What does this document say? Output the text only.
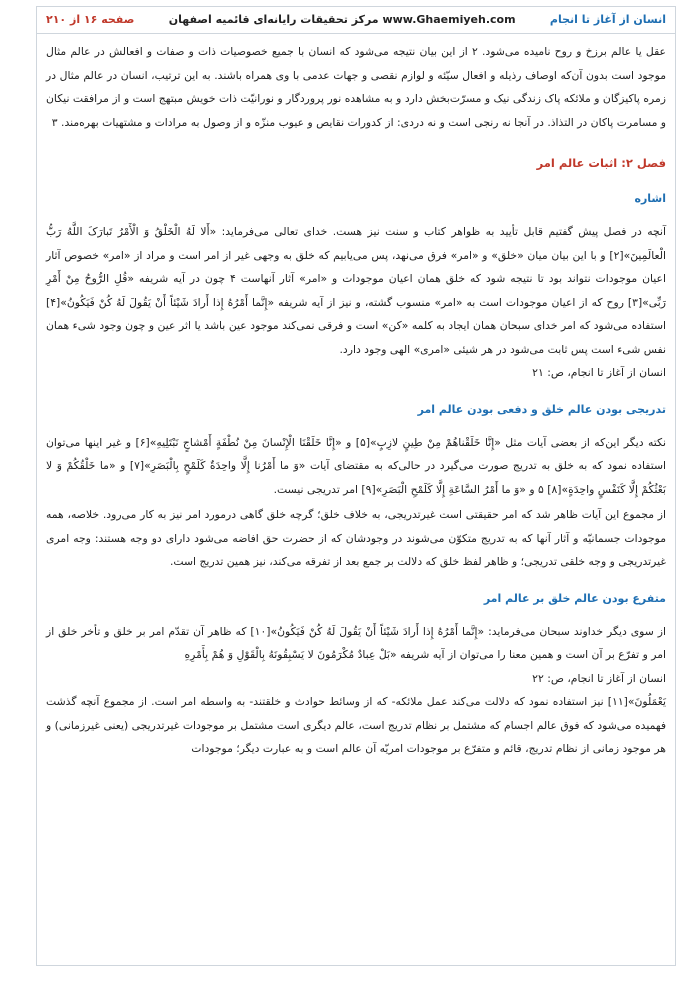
صفحه ۱۶ از ۲۱۰	www.Ghaemiyeh.com مرکز تحقیقات رایانه‌ای قائمیه اصفهان	انسان از آغاز تا انجام

عقل یا عالم برزخ و روح نامیده می‌شود. ۲ از این بیان نتیجه می‌شود که انسان با جمیع خصوصیات ذات و صفات و افعالش در عالم مثال موجود است بدون آن‌که اوصاف رذیله و افعال سیّئه و لوازم نقصی و جهات عدمی با وی همراه باشند. به این ترتیب، انسان در عالم مثال در زمره پاکیزگان و ملائکه پاک زندگی نیک و مسرّت‌بخش دارد و به مشاهده نور پروردگار و نورانیّت ذات خویش مبتهج است و از مرافقت نیکان و مسامرت پاکان در التذاذ. در آنجا نه رنجی است و نه دردی: از کدورات نقایص و عیوب منزّه و از وصول به مرادات و مشتهیات بهره‌مند. ۳

فصل ۲: اثبات عالم امر
اشاره

آنچه در فصل پیش گفتیم قابل تأیید به ظواهر کتاب و سنت نیز هست. خدای تعالی می‌فرماید: «أَلا لَهُ الْخَلْقُ وَ الْأَمْرُ تَبارَکَ اللَّهُ رَبُّ الْعالَمِینَ»[۲] و با این بیان میان «خلق» و «امر» فرق می‌نهد، پس می‌یابیم که خلق به وجهی غیر از امر است و مراد از «امر» خصوص آثار اعیان موجودات نتواند بود تا نتیجه شود که خلق همان اعیان موجودات و «امر» آثار آنهاست ۴ چون در آیه شریفه «قُلِ الرُّوحُ مِنْ أَمْرِ رَبِّی»[۳] روح که از اعیان موجودات است به «امر» منسوب گشته، و نیز از آیه شریفه «إِنَّما أَمْرُهُ إِذا أَرادَ شَیْئاً أَنْ یَقُولَ لَهُ کُنْ فَیَکُونُ»[۴] استفاده می‌شود که امر خدای سبحان همان ایجاد به کلمه «کن» است و فرقی نمی‌کند موجود عین باشد یا اثر عین و چون وجود شیء همان نفس شیء است پس ثابت می‌شود در هر شیئی «امری» الهی وجود دارد.

انسان از آغاز تا انجام، ص: ۲۱

تدریجی بودن عالم خلق و دفعی بودن عالم امر

نکته دیگر این‌که از بعضی آیات مثل «إِنَّا خَلَقْناهُمْ مِنْ طِینٍ لازِبٍ»[۵] و «إِنَّا خَلَقْنَا الْإِنْسانَ مِنْ نُطْفَةٍ أَمْشاجٍ نَبْتَلِیهِ»[۶] و غیر اینها می‌توان استفاده نمود که به خلق به تدریج صورت می‌گیرد در حالی‌که به مقتضای آیات «وَ ما أَمْرُنا إِلَّا واحِدَةٌ کَلَمْحٍ بِالْبَصَرِ»[۷] و «ما خَلْقُکُمْ وَ لا بَعْثُکُمْ إِلَّا کَنَفْسٍ واحِدَةٍ»[۸] ۵ و «وَ ما أَمْرُ السَّاعَةِ إِلَّا کَلَمْحِ الْبَصَرِ»[۹] امر تدریجی نیست.

از مجموع این آیات ظاهر شد که امر حقیقتی است غیرتدریجی، به خلاف خلق؛ گرچه خلق گاهی درمورد امر نیز به کار می‌رود. خلاصه، همه موجودات جسمانیّه و آثار آنها که به تدریج متکوّن می‌شوند در وجودشان که از حضرت حق افاضه می‌شود دارای دو وجه هستند: وجه امری غیرتدریجی و وجه خلقی تدریجی؛ و ظاهر لفظ خلق که دلالت بر جمع بعد از تفرقه می‌کند، نیز همین تدریج است.

متفرع بودن عالم خلق بر عالم امر

از سوی دیگر خداوند سبحان می‌فرماید: «إِنَّما أَمْرُهُ إِذا أَرادَ شَیْئاً أَنْ یَقُولَ لَهُ کُنْ فَیَکُونُ»[۱۰] که ظاهر آن تقدّم امر بر خلق و تأخر خلق از امر و تفرّع بر آن است و همین معنا را می‌توان از آیه شریفه «بَلْ عِبادٌ مُکْرَمُونَ لا یَسْبِقُونَهُ بِالْقَوْلِ وَ هُمْ بِأَمْرِهِ

انسان از آغاز تا انجام، ص: ۲۲

یَعْمَلُونَ»[۱۱] نیز استفاده نمود که دلالت می‌کند عمل ملائکه- که از وسائط حوادث و خلقتند- به واسطه امر است. از مجموع آنچه گذشت فهمیده می‌شود که فوق عالم اجسام که مشتمل بر نظام تدریج است، عالم دیگری است مشتمل بر موجودات غیرتدریجی (یعنی غیرزمانی) و هر موجود زمانی از نظام تدریج، قائم و متفرّع بر موجودات امریّه آن عالم است و به عبارت دیگر؛ موجودات
